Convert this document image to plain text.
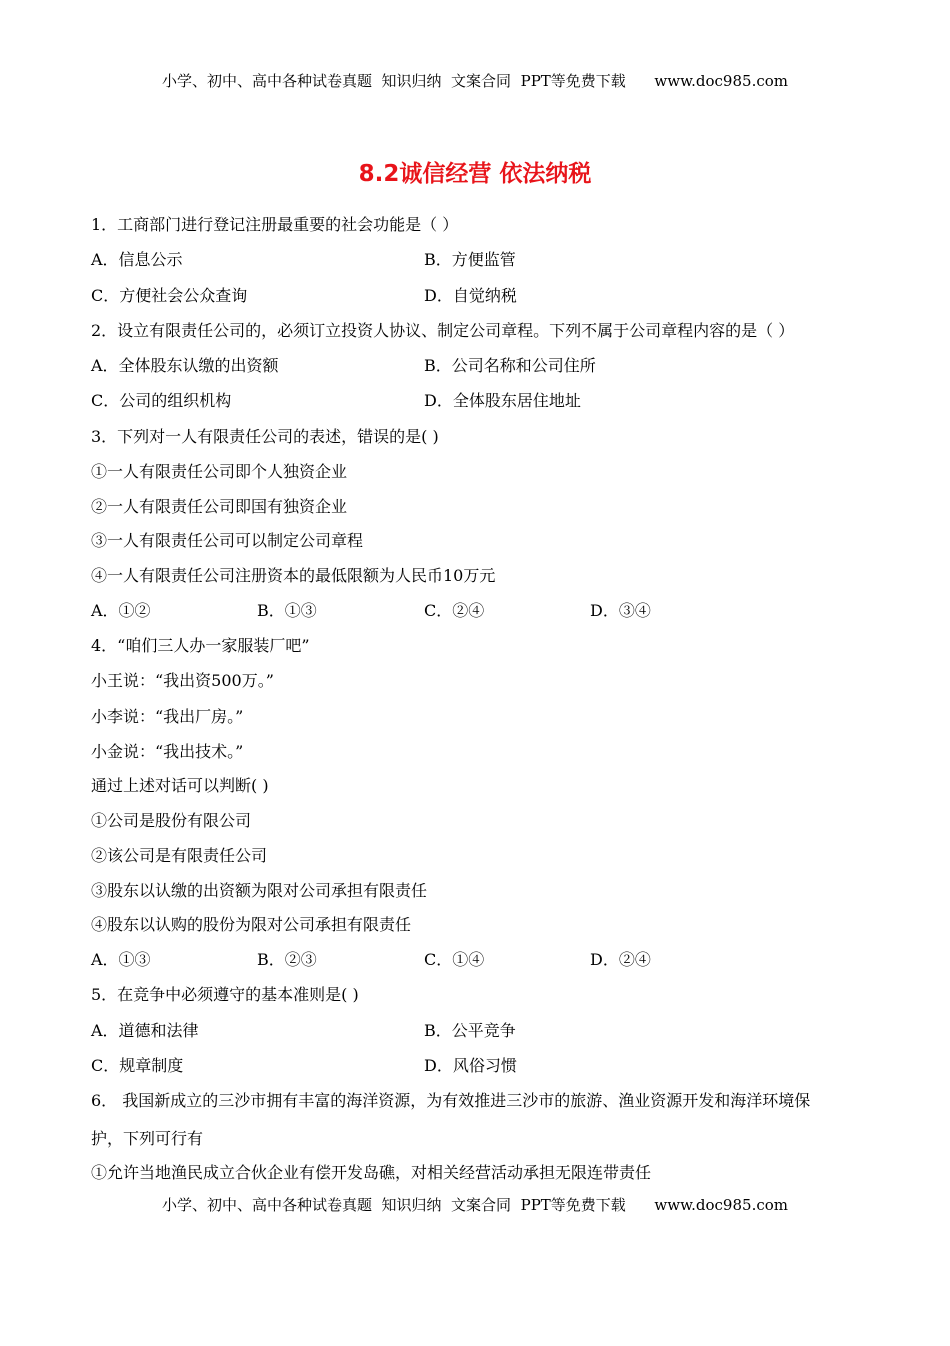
小学、初中、高中各种试卷真题  知识归纳  文案合同  PPT等免费下载      www.doc985.com
8.2诚信经营 依法纳税
1．工商部门进行登记注册最重要的社会功能是（ ）
A．信息公示	B．方便监管
C．方便社会公众查询	D．自觉纳税
2．设立有限责任公司的，必须订立投资人协议、制定公司章程。下列不属于公司章程内容的是（ ）
A．全体股东认缴的出资额	B．公司名称和公司住所
C．公司的组织机构	D．全体股东居住地址
3．下列对一人有限责任公司的表述，错误的是( )
①一人有限责任公司即个人独资企业
②一人有限责任公司即国有独资企业
③一人有限责任公司可以制定公司章程
④一人有限责任公司注册资本的最低限额为人民币10万元
A．①②	B．①③	C．②④	D．③④
4．“咱们三人办一家服装厂吧”
小王说：“我出资500万。”
小李说：“我出厂房。”
小金说：“我出技术。”
通过上述对话可以判断( )
①公司是股份有限公司
②该公司是有限责任公司
③股东以认缴的出资额为限对公司承担有限责任
④股东以认购的股份为限对公司承担有限责任
A．①③	B．②③	C．①④	D．②④
5．在竞争中必须遵守的基本准则是( )
A．道德和法律	B．公平竞争
C．规章制度	D．风俗习惯
6． 我国新成立的三沙市拥有丰富的海洋资源，为有效推进三沙市的旅游、渔业资源开发和海洋环境保
护，下列可行有
①允许当地渔民成立合伙企业有偿开发岛礁，对相关经营活动承担无限连带责任
小学、初中、高中各种试卷真题  知识归纳  文案合同  PPT等免费下载      www.doc985.com
